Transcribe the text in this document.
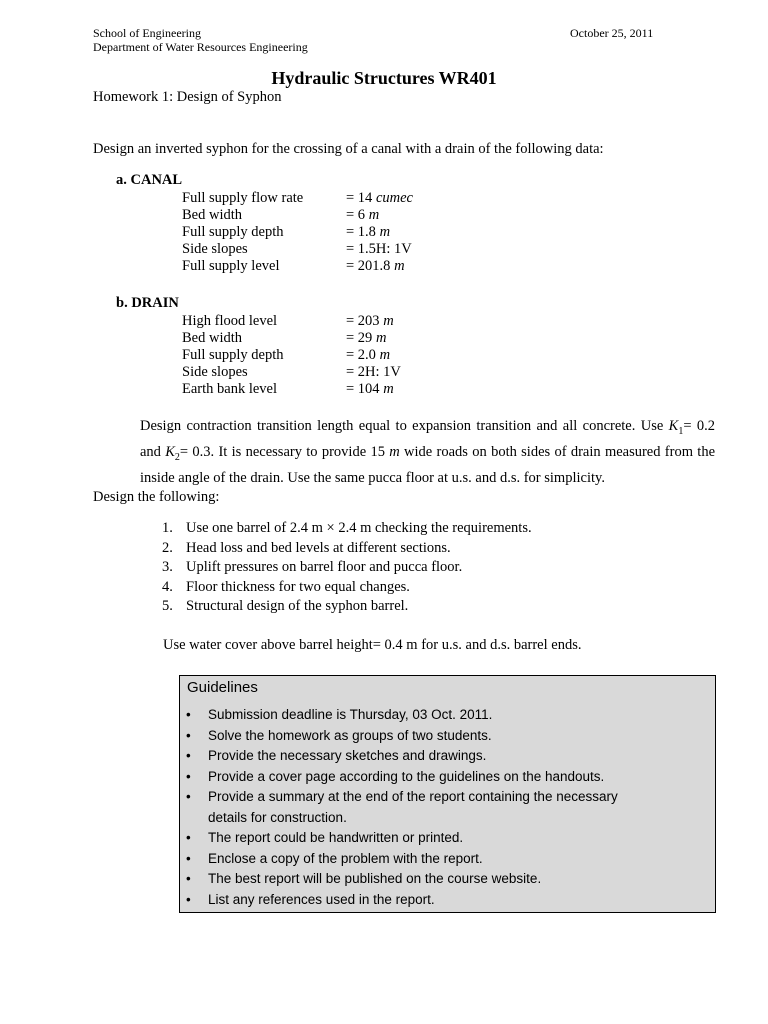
School of Engineering
Department of Water Resources Engineering
October 25, 2011
Hydraulic Structures WR401
Homework 1: Design of Syphon
Design an inverted syphon for the crossing of a canal with a drain of the following data:
a. CANAL
Full supply flow rate	= 14 cumec
Bed width	= 6 m
Full supply depth	= 1.8 m
Side slopes	= 1.5H: 1V
Full supply level	= 201.8 m
b. DRAIN
High flood level	= 203 m
Bed width	= 29 m
Full supply depth	= 2.0 m
Side slopes	= 2H: 1V
Earth bank level	= 104 m
Design contraction transition length equal to expansion transition and all concrete. Use $K_1= 0.2$ and $K_2= 0.3$. It is necessary to provide 15 m wide roads on both sides of drain measured from the inside angle of the drain. Use the same pucca floor at u.s. and d.s. for simplicity.
Design the following:
1. Use one barrel of 2.4 m × 2.4 m checking the requirements.
2. Head loss and bed levels at different sections.
3. Uplift pressures on barrel floor and pucca floor.
4. Floor thickness for two equal changes.
5. Structural design of the syphon barrel.
Use water cover above barrel height= 0.4 m for u.s. and d.s. barrel ends.
Guidelines
• Submission deadline is Thursday, 03 Oct. 2011.
• Solve the homework as groups of two students.
• Provide the necessary sketches and drawings.
• Provide a cover page according to the guidelines on the handouts.
• Provide a summary at the end of the report containing the necessary
details for construction.
• The report could be handwritten or printed.
• Enclose a copy of the problem with the report.
• The best report will be published on the course website.
• List any references used in the report.
